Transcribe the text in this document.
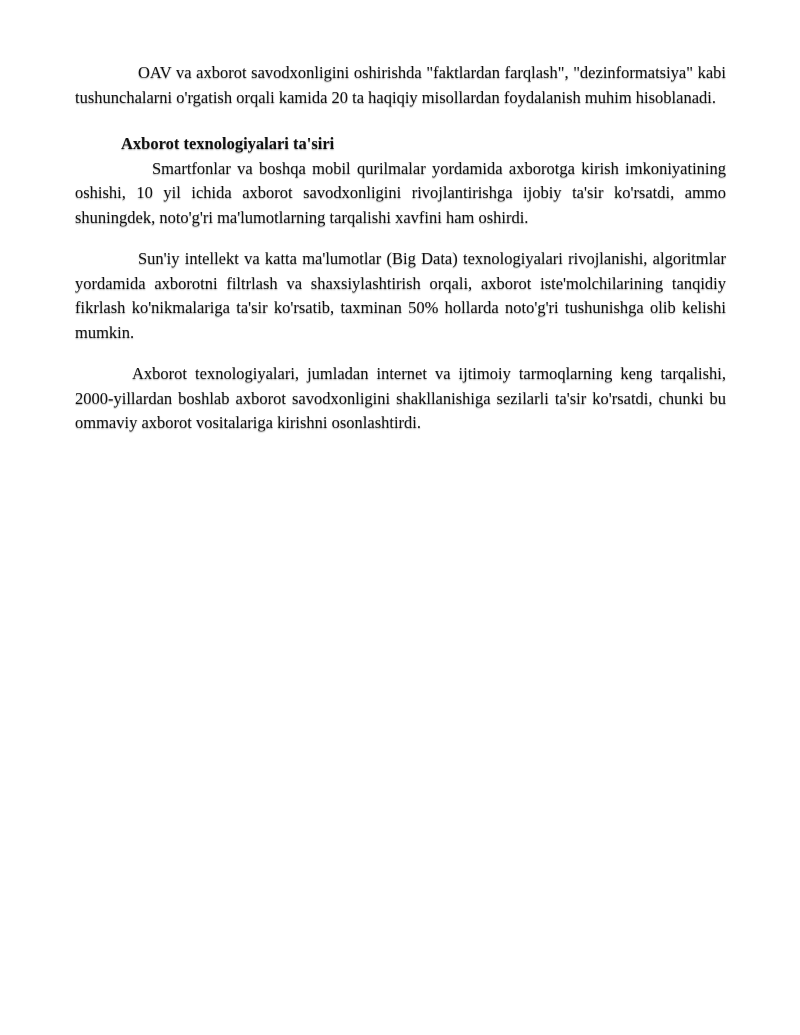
OAV va axborot savodxonligini oshirishda "faktlardan farqlash", "dezinformatsiya" kabi tushunchalarni o'rgatish orqali kamida 20 ta haqiqiy misollardan foydalanish muhim hisoblanadi.

Axborot texnologiyalari ta'siri

Smartfonlar va boshqa mobil qurilmalar yordamida axborotga kirish imkoniyatining oshishi, 10 yil ichida axborot savodxonligini rivojlantirishga ijobiy ta'sir ko'rsatdi, ammo shuningdek, noto'g'ri ma'lumotlarning tarqalishi xavfini ham oshirdi.

Sun'iy intellekt va katta ma'lumotlar (Big Data) texnologiyalari rivojlanishi, algoritmlar yordamida axborotni filtrlash va shaxsiylashtirish orqali, axborot iste'molchilarining tanqidiy fikrlash ko'nikmalariga ta'sir ko'rsatib, taxminan 50% hollarda noto'g'ri tushunishga olib kelishi mumkin.

Axborot texnologiyalari, jumladan internet va ijtimoiy tarmoqlarning keng tarqalishi, 2000-yillardan boshlab axborot savodxonligini shakllanishiga sezilarli ta'sir ko'rsatdi, chunki bu ommaviy axborot vositalariga kirishni osonlashtirdi.
